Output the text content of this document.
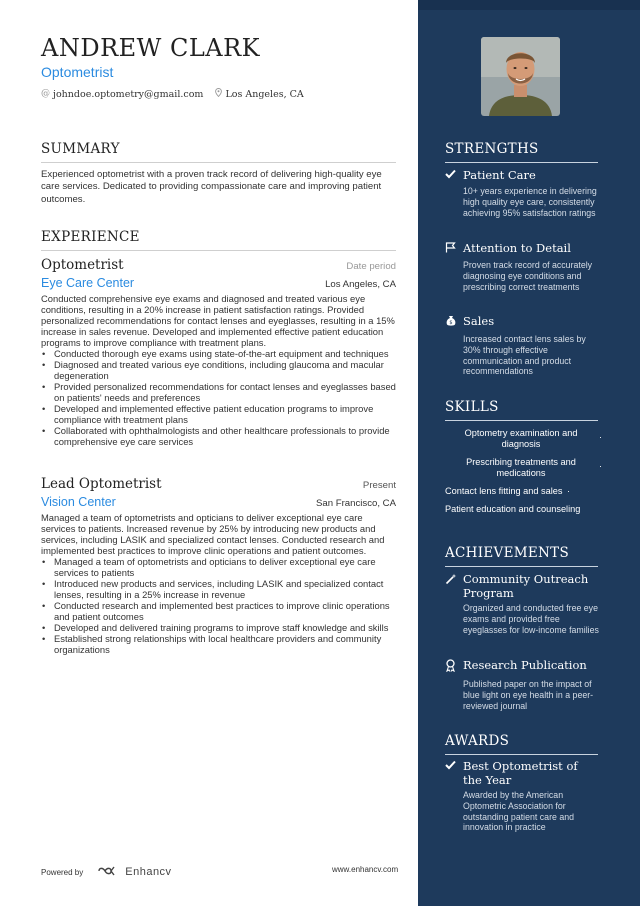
ANDREW CLARK
Optometrist
@ johndoe.optometry@gmail.com Los Angeles, CA
SUMMARY
Experienced optometrist with a proven track record of delivering high-quality eye care services. Dedicated to providing compassionate care and improving patient outcomes.
EXPERIENCE
Optometrist	Date period
Eye Care Center	Los Angeles, CA
Conducted comprehensive eye exams and diagnosed and treated various eye conditions, resulting in a 20% increase in patient satisfaction ratings. Provided personalized recommendations for contact lenses and eyeglasses, resulting in a 15% increase in sales revenue. Developed and implemented effective patient education programs to improve compliance with treatment plans.
• Conducted thorough eye exams using state-of-the-art equipment and techniques
• Diagnosed and treated various eye conditions, including glaucoma and macular degeneration
• Provided personalized recommendations for contact lenses and eyeglasses based on patients' needs and preferences
• Developed and implemented effective patient education programs to improve compliance with treatment plans
• Collaborated with ophthalmologists and other healthcare professionals to provide comprehensive eye care services
Lead Optometrist	Present
Vision Center	San Francisco, CA
Managed a team of optometrists and opticians to deliver exceptional eye care services to patients. Increased revenue by 25% by introducing new products and services, including LASIK and specialized contact lenses. Conducted research and implemented best practices to improve clinic operations and patient outcomes.
• Managed a team of optometrists and opticians to deliver exceptional eye care services to patients
• Introduced new products and services, including LASIK and specialized contact lenses, resulting in a 25% increase in revenue
• Conducted research and implemented best practices to improve clinic operations and patient outcomes
• Developed and delivered training programs to improve staff knowledge and skills
• Established strong relationships with local healthcare providers and community organizations
Powered by	Enhancv	www.enhancv.com
STRENGTHS
Patient Care
10+ years experience in delivering high quality eye care, consistently achieving 95% satisfaction ratings
Attention to Detail
Proven track record of accurately diagnosing eye conditions and prescribing correct treatments
$ Sales
Increased contact lens sales by 30% through effective communication and product recommendations
SKILLS
Optometry examination and diagnosis
·
Prescribing treatments and medications
·
Contact lens fitting and sales ·
Patient education and counseling
ACHIEVEMENTS
Community Outreach Program
Organized and conducted free eye exams and provided free eyeglasses for low-income families
Research Publication
Published paper on the impact of blue light on eye health in a peer-reviewed journal
AWARDS
Best Optometrist of the Year
Awarded by the American Optometric Association for outstanding patient care and innovation in practice
